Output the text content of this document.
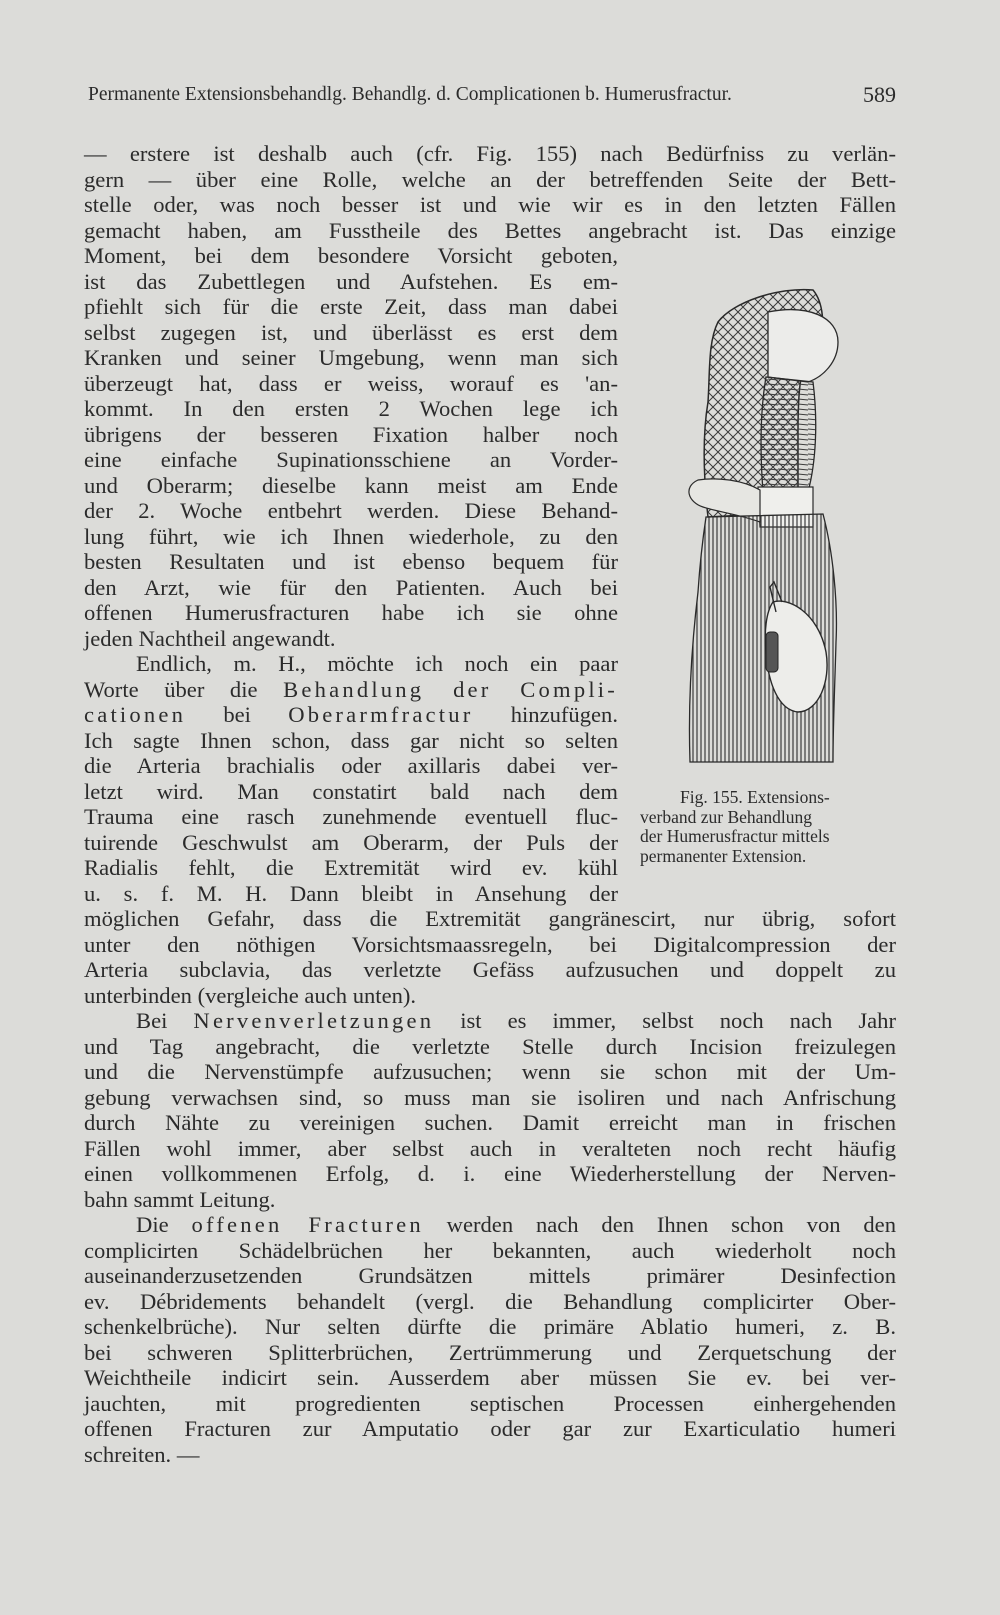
Permanente Extensionsbehandlg. Behandlg. d. Complicationen b. Humerusfractur.	589

— erstere ist deshalb auch (cfr. Fig. 155) nach Bedürfniss zu verlän-

gern — über eine Rolle, welche an der betreffenden Seite der Bett-

stelle oder, was noch besser ist und wie wir es in den letzten Fällen

gemacht haben, am Fusstheile des Bettes angebracht ist. Das einzige

Moment, bei dem besondere Vorsicht geboten,

ist das Zubettlegen und Aufstehen. Es em-

pfiehlt sich für die erste Zeit, dass man dabei

selbst zugegen ist, und überlässt es erst dem

Kranken und seiner Umgebung, wenn man sich

überzeugt hat, dass er weiss, worauf es 'an-

kommt. In den ersten 2 Wochen lege ich

übrigens der besseren Fixation halber noch

eine einfache Supinationsschiene an Vorder-

und Oberarm; dieselbe kann meist am Ende

der 2. Woche entbehrt werden. Diese Behand-

lung führt, wie ich Ihnen wiederhole, zu den

besten Resultaten und ist ebenso bequem für

den Arzt, wie für den Patienten. Auch bei

offenen Humerusfracturen habe ich sie ohne

jeden Nachtheil angewandt.

Endlich, m. H., möchte ich noch ein paar

Worte über die Behandlung der Compli-

cationen bei Oberarmfractur hinzufügen.

Ich sagte Ihnen schon, dass gar nicht so selten

die Arteria brachialis oder axillaris dabei ver-

letzt wird. Man constatirt bald nach dem

Trauma eine rasch zunehmende eventuell fluc-

tuirende Geschwulst am Oberarm, der Puls der

Radialis fehlt, die Extremität wird ev. kühl

u. s. f. M. H. Dann bleibt in Ansehung der

möglichen Gefahr, dass die Extremität gangränescirt, nur übrig, sofort

unter den nöthigen Vorsichtsmaassregeln, bei Digitalcompression der

Arteria subclavia, das verletzte Gefäss aufzusuchen und doppelt zu

unterbinden (vergleiche auch unten).

Bei Nervenverletzungen ist es immer, selbst noch nach Jahr

und Tag angebracht, die verletzte Stelle durch Incision freizulegen

und die Nervenstümpfe aufzusuchen; wenn sie schon mit der Um-

gebung verwachsen sind, so muss man sie isoliren und nach Anfrischung

durch Nähte zu vereinigen suchen. Damit erreicht man in frischen

Fällen wohl immer, aber selbst auch in veralteten noch recht häufig

einen vollkommenen Erfolg, d. i. eine Wiederherstellung der Nerven-

bahn sammt Leitung.

Die offenen Fracturen werden nach den Ihnen schon von den

complicirten Schädelbrüchen her bekannten, auch wiederholt noch

auseinanderzusetzenden Grundsätzen mittels primärer Desinfection

ev. Débridements behandelt (vergl. die Behandlung complicirter Ober-

schenkelbrüche). Nur selten dürfte die primäre Ablatio humeri, z. B.

bei schweren Splitterbrüchen, Zertrümmerung und Zerquetschung der

Weichtheile indicirt sein. Ausserdem aber müssen Sie ev. bei ver-

jauchten, mit progredienten septischen Processen einhergehenden

offenen Fracturen zur Amputatio oder gar zur Exarticulatio humeri

schreiten. —

Fig. 155. Extensions-
verband zur Behandlung
der Humerusfractur mittels
permanenter Extension.
